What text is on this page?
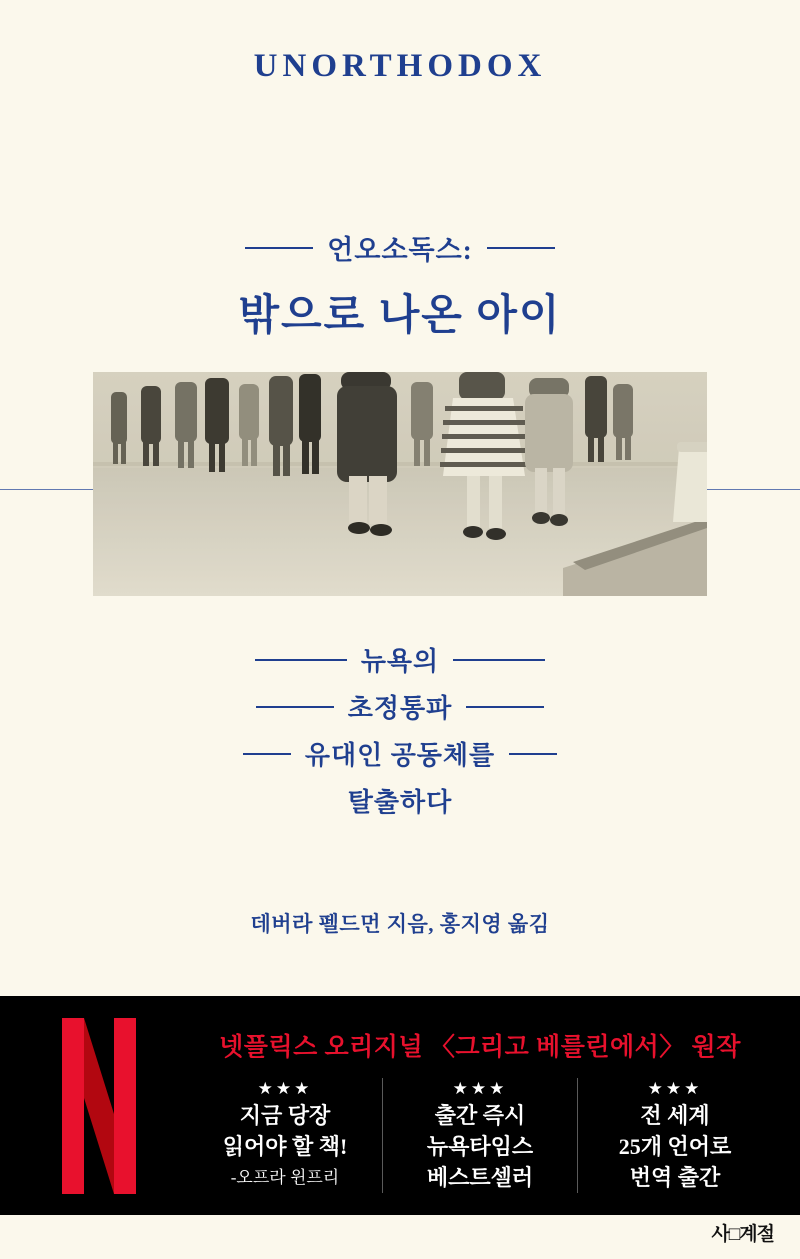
UNORTHODOX
언오소독스:
밖으로 나온 아이
뉴욕의
초정통파
유대인 공동체를
탈출하다
데버라 펠드먼 지음, 홍지영 옮김
넷플릭스 오리지널 〈그리고 베를린에서〉 원작
★★★
지금 당장
읽어야 할 책!
-오프라 윈프리
★★★
출간 즉시
뉴욕타임스
베스트셀러
★★★
전 세계
25개 언어로
번역 출간
사□계절
